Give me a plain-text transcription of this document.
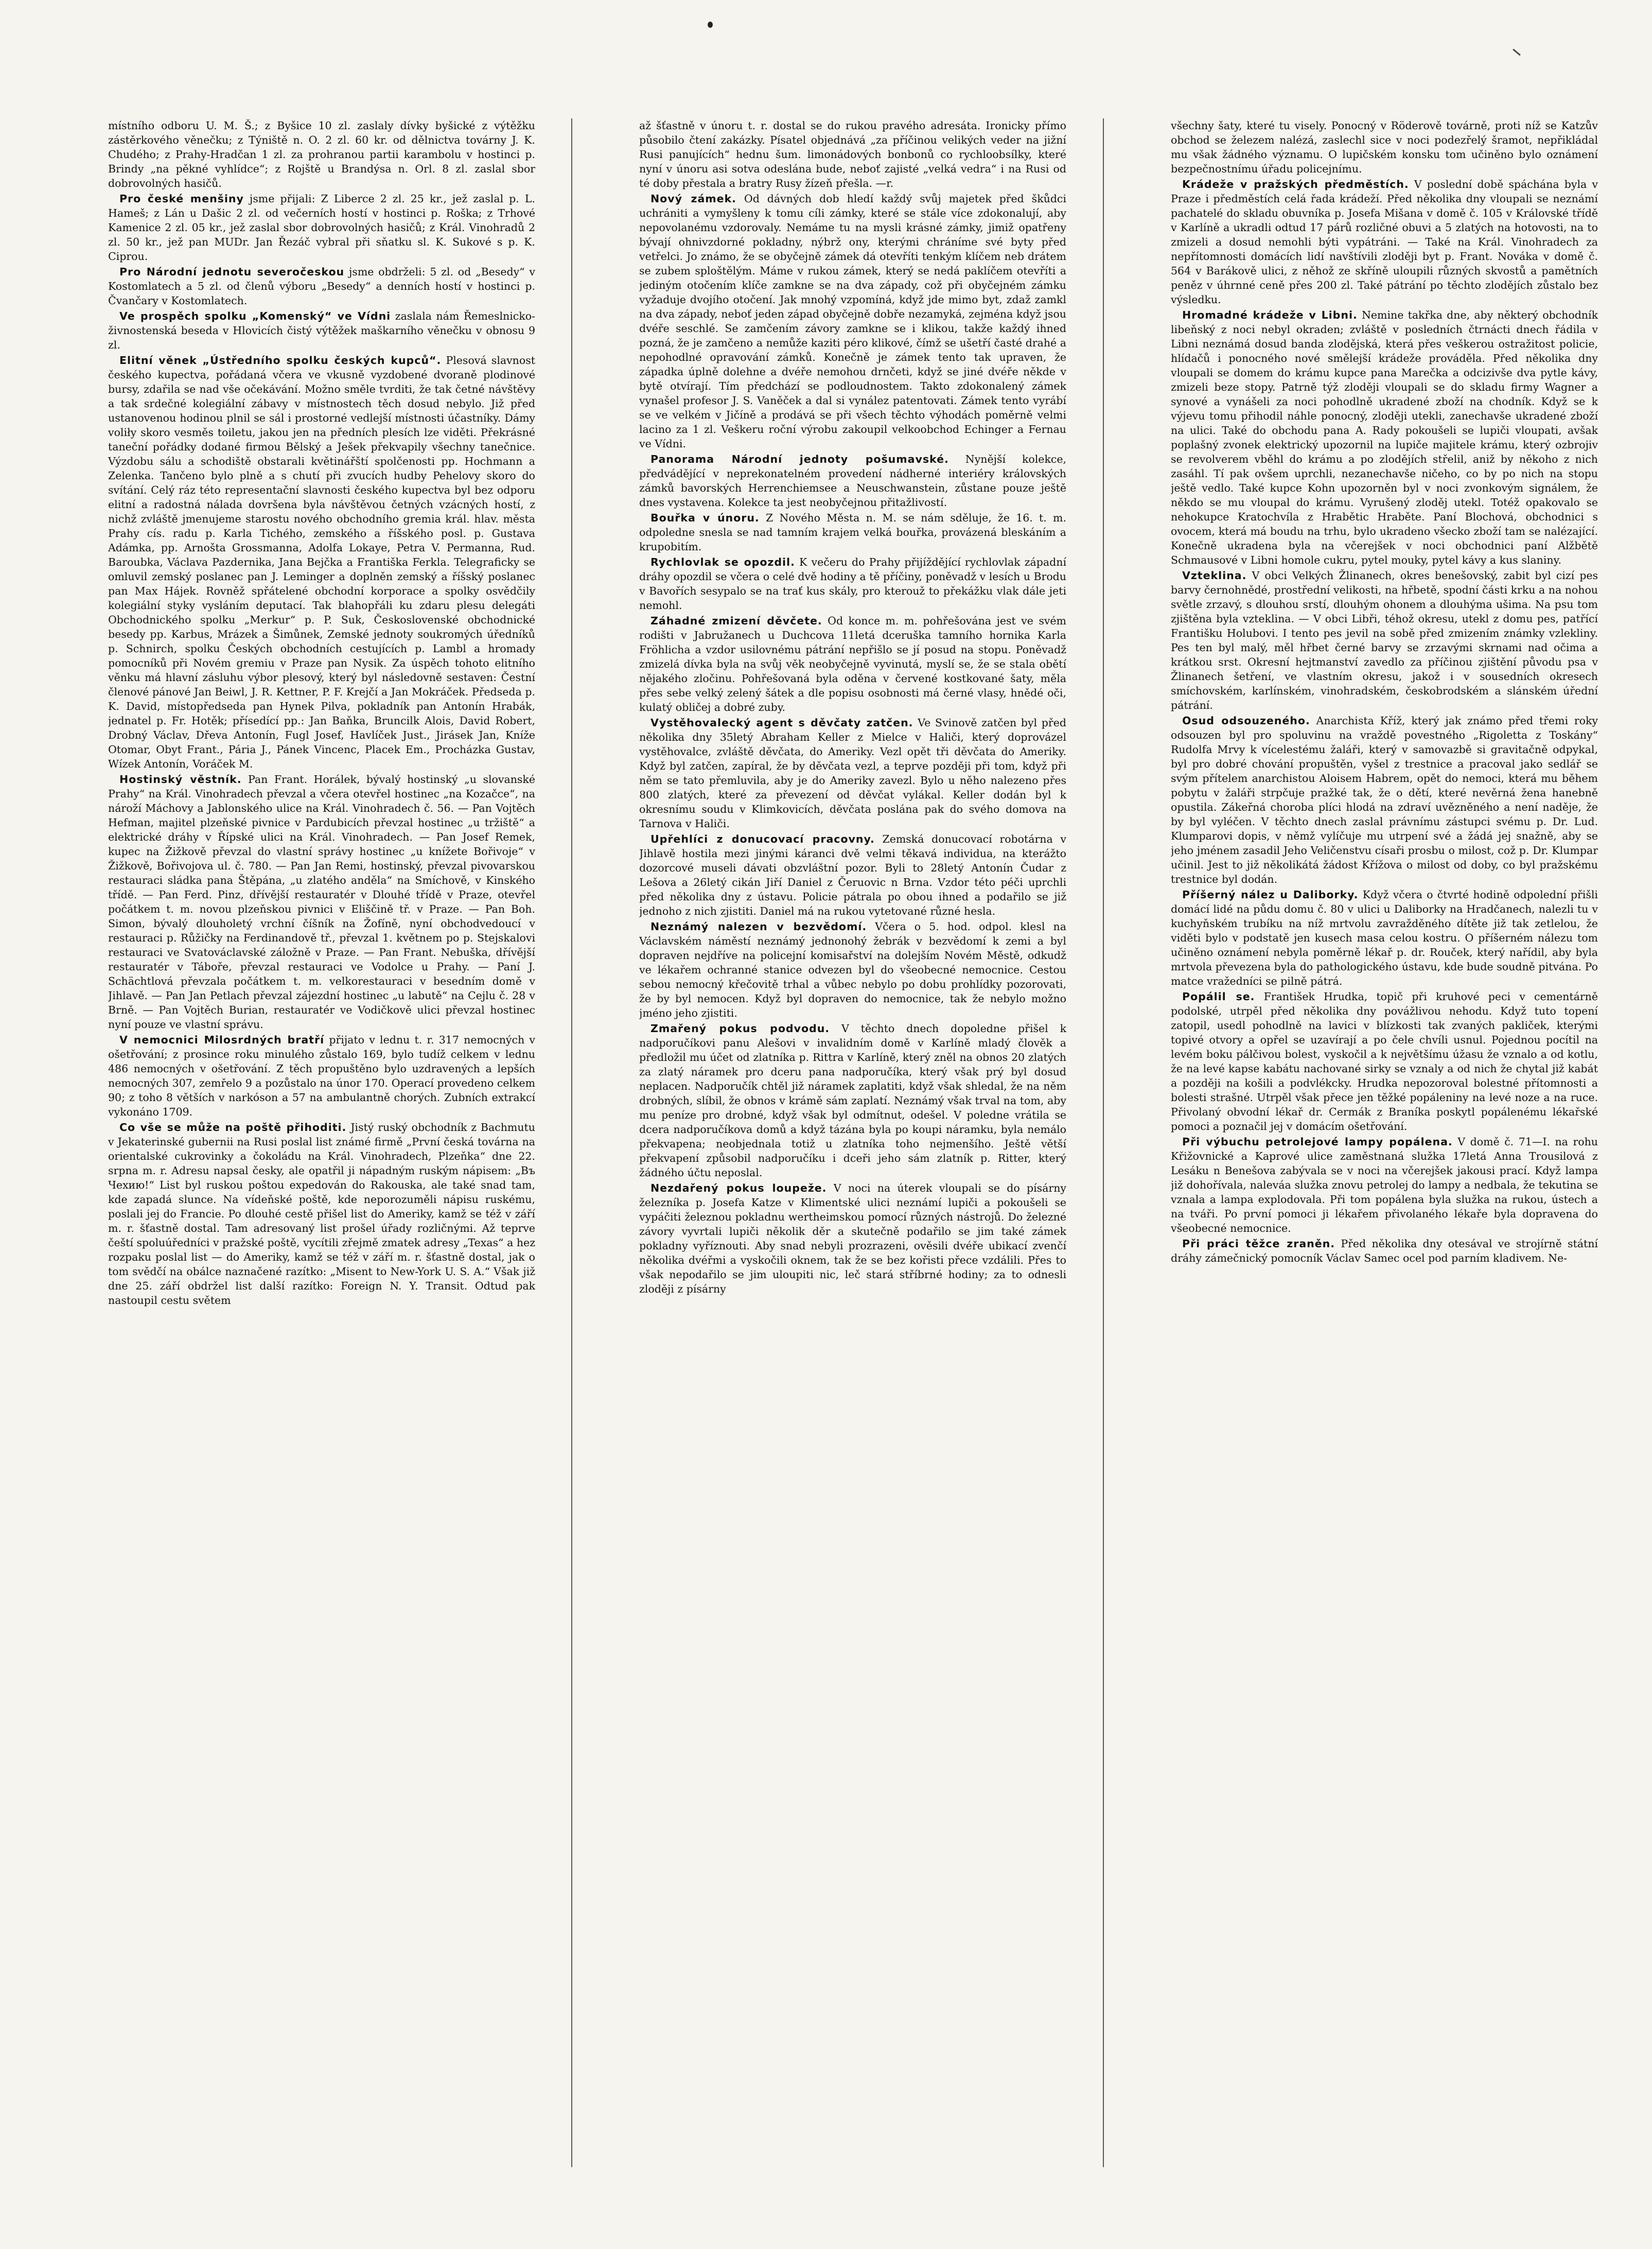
místního odboru U. M. Š.; z Byšice 10 zl. zaslaly dívky byšické z výtěžku zástěrkového věnečku; z Týniště n. O. 2 zl. 60 kr. od dělnictva továrny J. K. Chudého; z Prahy-Hradčan 1 zl. za prohranou partii karambolu v hostinci p. Brindy „na pěkné vyhlídce“; z Rojště u Brandýsa n. Orl. 8 zl. zaslal sbor dobrovolných hasičů.

Pro české menšiny jsme přijali: Z Liberce 2 zl. 25 kr., jež zaslal p. L. Hameš; z Lán u Dašic 2 zl. od večerních hostí v hostinci p. Roška; z Trhové Kamenice 2 zl. 05 kr., jež zaslal sbor dobrovolných hasičů; z Král. Vinohradů 2 zl. 50 kr., jež pan MUDr. Jan Řezáč vybral při sňatku sl. K. Sukové s p. K. Ciprou.

Pro Národní jednotu severočeskou jsme obdrželi: 5 zl. od „Besedy“ v Kostomlatech a 5 zl. od členů výboru „Besedy“ a denních hostí v hostinci p. Čvančary v Kostomlatech.

Ve prospěch spolku „Komenský“ ve Vídni zaslala nám Řemeslnicko-živnostenská beseda v Hlovicích čistý výtěžek maškarního věnečku v obnosu 9 zl.

Elitní věnek „Ústředního spolku českých kupců“. Plesová slavnost českého kupectva, pořádaná včera ve vkusně vyzdobené dvoraně plodinové bursy, zdařila se nad vše očekávání. Možno směle tvrditi, že tak četné návštěvy a tak srdečné kolegiální zábavy v místnostech těch dosud nebylo. Již před ustanovenou hodinou plnil se sál i prostorné vedlejší místnosti účastníky. Dámy voliły skoro vesměs toiletu, jakou jen na předních plesích lze viděti. Překrásné taneční pořádky dodané firmou Bělský a Ješek překvapily všechny tanečnice. Výzdobu sálu a schodiště obstarali květinářští spolčenosti pp. Hochmann a Zelenka. Tančeno bylo plně a s chutí při zvucích hudby Pehelovy skoro do svítání. Celý ráz této representační slavnosti českého kupectva byl bez odporu elitní a radostná nálada dovršena byla návštěvou četných vzácných hostí, z nichž zvláště jmenujeme starostu nového obchodního gremia král. hlav. města Prahy cís. radu p. Karla Tichého, zemského a říšského posl. p. Gustava Adámka, pp. Arnošta Grossmanna, Adolfa Lokaye, Petra V. Permanna, Rud. Baroubka, Václava Pazdernika, Jana Bejčka a Františka Ferkla. Telegraficky se omluvil zemský poslanec pan J. Leminger a doplněn zemský a říšský poslanec pan Max Hájek. Rovněž spřátelené obchodní korporace a spolky osvědčily kolegiální styky vysláním deputací. Tak blahopřáli ku zdaru plesu delegáti Obchodnického spolku „Merkur“ p. P. Suk, Československé obchodnické besedy pp. Karbus, Mrázek a Šimůnek, Zemské jednoty soukromých úředníků p. Schnirch, spolku Českých obchodních cestujících p. Lambl a hromady pomocníků při Novém gremiu v Praze pan Nysik. Za úspěch tohoto elitního věnku má hlavní zásluhu výbor plesový, který byl následovně sestaven: Čestní členové pánové Jan Beiwl, J. R. Kettner, P. F. Krejčí a Jan Mokráček. Předseda p. K. David, místopředseda pan Hynek Pilva, pokladník pan Antonín Hrabák, jednatel p. Fr. Hotěk; přísedící pp.: Jan Baňka, Bruncilk Alois, David Robert, Drobný Václav, Dřeva Antonín, Fugl Josef, Havlíček Just., Jirásek Jan, Kníže Otomar, Obyt Frant., Pária J., Pánek Vincenc, Placek Em., Procházka Gustav, Wízek Antonín, Voráček M.

Hostinský věstník. Pan Frant. Horálek, bývalý hostinský „u slovanské Prahy“ na Král. Vinohradech převzal a včera otevřel hostinec „na Kozačce“, na nároží Máchovy a Jablonského ulice na Král. Vinohradech č. 56. — Pan Vojtěch Hefman, majitel plzeňské pivnice v Pardubicích převzal hostinec „u tržiště“ a elektrické dráhy v Řípské ulici na Král. Vinohradech. — Pan Josef Remek, kupec na Žižkově převzal do vlastní správy hostinec „u knížete Bořivoje“ v Žižkově, Bořivojova ul. č. 780. — Pan Jan Remi, hostinský, převzal pivovarskou restauraci sládka pana Štěpána, „u zlatého anděla“ na Smíchově, v Kinského třídě. — Pan Ferd. Pinz, dřívější restauratér v Dlouhé třídě v Praze, otevřel počátkem t. m. novou plzeňskou pivnici v Eliščině tř. v Praze. — Pan Boh. Simon, bývalý dlouholetý vrchní číšník na Žofíně, nyní obchodvedoucí v restauraci p. Růžičky na Ferdinandově tř., převzal 1. květnem po p. Stejskalovi restauraci ve Svatováclavské záložně v Praze. — Pan Frant. Nebuška, dřívější restauratér v Táboře, převzal restauraci ve Vodolce u Prahy. — Paní J. Schächtlová převzala počátkem t. m. velkorestauraci v besedním domě v Jihlavě. — Pan Jan Petlach převzal zájezdní hostinec „u labutě“ na Cejlu č. 28 v Brně. — Pan Vojtěch Burian, restauratér ve Vodičkově ulici převzal hostinec nyní pouze ve vlastní správu.

V nemocnici Milosrdných bratří přijato v lednu t. r. 317 nemocných v ošetřování; z prosince roku minulého zůstalo 169, bylo tudíž celkem v lednu 486 nemocných v ošetřování. Z těch propuštěno bylo uzdravených a lepších nemocných 307, zemřelo 9 a pozůstalo na únor 170. Operací provedeno celkem 90; z toho 8 větších v narkóson a 57 na ambulantně chorých. Zubních extrakcí vykonáno 1709.

Co vše se může na poště přihoditi. Jistý ruský obchodník z Bachmutu v Jekaterinské gubernii na Rusi poslal list známé firmě „První česká továrna na orientalské cukrovinky a čokoládu na Král. Vinohradech, Plzeňka“ dne 22. srpna m. r. Adresu napsal česky, ale opatřil ji nápadným ruským nápisem: „Въ Чехию!“ List byl ruskou poštou expedován do Rakouska, ale také snad tam, kde zapadá slunce. Na vídeňské poště, kde neporozuměli nápisu ruskému, poslali jej do Francie. Po dlouhé cestě přišel list do Ameriky, kamž se též v září m. r. šťastně dostal. Tam adresovaný list prošel úřady rozličnými. Až teprve čeští spoluúředníci v pražské poště, vycítili zřejmě zmatek adresy „Texas“ a hez rozpaku poslal list — do Ameriky, kamž se též v září m. r. šťastně dostal, jak o tom svědčí na obálce naznačené razítko: „Misent to New-York U. S. A.“ Však již dne 25. září obdržel list další razítko: Foreign N. Y. Transit. Odtud pak nastoupil cestu světem

až šťastně v únoru t. r. dostal se do rukou pravého adresáta. Ironicky přímo působilo čtení zakázky. Písatel objednává „za příčinou velikých veder na jižní Rusi panujících“ hednu šum. limonádových bonbonů co rychloobsílky, které nyní v únoru asi sotva odeslána bude, neboť zajisté „velká vedra“ i na Rusi od té doby přestala a bratry Rusy žízeň přešla. —r.

Nový zámek. Od dávných dob hledí každý svůj majetek před škůdci uchrániti a vymyšleny k tomu cíli zámky, které se stále více zdokonalují, aby nepovolanému vzdorovaly. Nemáme tu na mysli krásné zámky, jimiž opatřeny bývají ohnivzdorné pokladny, nýbrž ony, kterými chráníme své byty před vetřelci. Jo známo, že se obyčejně zámek dá otevříti tenkým klíčem neb drátem se zubem sploštělým. Máme v rukou zámek, který se nedá paklíčem otevříti a jediným otočením klíče zamkne se na dva západy, což při obyčejném zámku vyžaduje dvojího otočení. Jak mnohý vzpomíná, když jde mimo byt, zdaž zamkl na dva západy, neboť jeden západ obyčejně dobře nezamyká, zejména když jsou dvéře seschlé. Se zamčením závory zamkne se i klikou, takže každý ihned pozná, že je zamčeno a nemůže kaziti péro klikové, čímž se ušetří časté drahé a nepohodlné opravování zámků. Konečně je zámek tento tak upraven, že západka úplně dolehne a dvéře nemohou drnčeti, když se jiné dvéře někde v bytě otvírají. Tím předchází se podloudnostem. Takto zdokonalený zámek vynašel profesor J. S. Vaněček a dal si vynález patentovati. Zámek tento vyrábí se ve velkém v Jičíně a prodává se při všech těchto výhodách poměrně velmi lacino za 1 zl. Veškeru roční výrobu zakoupil velkoobchod Echinger a Fernau ve Vídni.

Panorama Národní jednoty pošumavské. Nynější kolekce, předvádějící v neprekonatelném provedení nádherné interiéry královských zámků bavorských Herrenchiemsee a Neuschwanstein, zůstane pouze ještě dnes vystavena. Kolekce ta jest neobyčejnou přitažlivostí.

Bouřka v únoru. Z Nového Města n. M. se nám sděluje, že 16. t. m. odpoledne snesla se nad tamním krajem velká bouřka, provázená bleskáním a krupobitím.

Rychlovlak se opozdil. K večeru do Prahy přijíždějící rychlovlak západní dráhy opozdil se včera o celé dvě hodiny a tě příčiny, poněvadž v lesích u Brodu v Bavořích sesypalo se na trať kus skály, pro kterouž to překážku vlak dále jeti nemohl.

Záhadné zmizení děvčete. Od konce m. m. pohřešována jest ve svém rodišti v Jabružanech u Duchcova 11letá dceruška tamního hornika Karla Fröhlicha a vzdor usilovnému pátrání nepřišlo se jí posud na stopu. Poněvadž zmizelá dívka byla na svůj věk neobyčejně vyvinutá, myslí se, že se stala obětí nějakého zločinu. Pohřešovaná byla oděna v červené kostkované šaty, měla přes sebe velký zelený šátek a dle popisu osobnosti má černé vlasy, hnědé oči, kulatý obličej a dobré zuby.

Vystěhovalecký agent s děvčaty zatčen. Ve Svinově zatčen byl před několika dny 35letý Abraham Keller z Mielce v Haliči, který doprovázel vystěhovalce, zvláště děvčata, do Ameriky. Vezl opět tři děvčata do Ameriky. Když byl zatčen, zapíral, že by děvčata vezl, a teprve později při tom, když při něm se tato přemluvila, aby je do Ameriky zavezl. Bylo u něho nalezeno přes 800 zlatých, které za převezení od děvčat vylákal. Keller dodán byl k okresnímu soudu v Klimkovicích, děvčata poslána pak do svého domova na Tarnova v Haliči.

Upřehlíci z donucovací pracovny. Zemská donucovací robotárna v Jihlavě hostila mezi jinými káranci dvě velmi těkavá individua, na kterážto dozorcové museli dávati obzvláštní pozor. Byli to 28letý Antonín Čudar z Lešova a 26letý cikán Jiří Daniel z Čeruovic n Brna. Vzdor této péči uprchli před několika dny z ústavu. Policie pátrala po obou ihned a podařilo se již jednoho z nich zjistiti. Daniel má na rukou vytetované různé hesla.

Neznámý nalezen v bezvědomí. Včera o 5. hod. odpol. klesl na Václavském náměstí neznámý jednonohý žebrák v bezvědomí k zemi a byl dopraven nejdříve na policejní komisařství na dolejším Novém Městě, odkudž ve lékařem ochranné stanice odvezen byl do všeobecné nemocnice. Cestou sebou nemocný křečovitě trhal a vůbec nebylo po dobu prohlídky pozorovati, že by byl nemocen. Když byl dopraven do nemocnice, tak že nebylo možno jméno jeho zjistiti.

Zmařený pokus podvodu. V těchto dnech dopoledne přišel k nadporučíkovi panu Alešovi v invalidním domě v Karlíně mladý člověk a předložil mu účet od zlatníka p. Rittra v Karlíně, který zněl na obnos 20 zlatých za zlatý náramek pro dceru pana nadporučíka, který však prý byl dosud neplacen. Nadporučík chtěl již náramek zaplatiti, když však shledal, že na něm drobných, slíbil, že obnos v krámě sám zaplatí. Neznámý však trval na tom, aby mu peníze pro drobné, když však byl odmítnut, odešel. V poledne vrátila se dcera nadporučíkova domů a když tázána byla po koupi náramku, byla nemálo překvapena; neobjednala totiž u zlatníka toho nejmenšího. Ještě větší překvapení způsobil nadporučíku i dceři jeho sám zlatník p. Ritter, který žádného účtu neposlal.

Nezdařený pokus loupeže. V noci na úterek vloupali se do písárny železníka p. Josefa Katze v Klimentské ulici neznámí lupiči a pokoušeli se vypáčiti železnou pokladnu wertheimskou pomocí různých nástrojů. Do železné závory vyvrtali lupiči několik děr a skutečně podařilo se jim také zámek pokladny vyříznouti. Aby snad nebyli prozrazeni, ověsili dvéře ubikací zvenčí několika dvéřmi a vyskočili oknem, tak že se bez kořisti přece vzdálili. Přes to však nepodařilo se jim uloupiti nic, leč stará stříbrné hodiny; za to odnesli zloději z písárny

všechny šaty, které tu visely. Ponocný v Röderově továrně, proti níž se Katzův obchod se železem nalézá, zaslechl sice v noci podezřelý šramot, nepřikládal mu však žádného významu. O lupičském konsku tom učiněno bylo oznámení bezpečnostnímu úřadu policejnímu.

Krádeže v pražských předměstích. V poslední době spáchána byla v Praze i předměstích celá řada krádeží. Před několika dny vloupali se neznámí pachatelé do skladu obuvníka p. Josefa Mišana v domě č. 105 v Královské třídě v Karlíně a ukradli odtud 17 párů rozličné obuvi a 5 zlatých na hotovosti, na to zmizeli a dosud nemohli býti vypátráni. — Také na Král. Vinohradech za nepřítomnosti domácích lidí navštívili zloději byt p. Frant. Nováka v domě č. 564 v Barákově ulici, z něhož ze skříně uloupili různých skvostů a pamětních peněz v úhrnné ceně přes 200 zl. Také pátrání po těchto zlodějích zůstalo bez výsledku.

Hromadné krádeže v Libni. Nemine takřka dne, aby některý obchodník libeňský z noci nebyl okraden; zvláště v posledních čtrnácti dnech řádila v Libni neznámá dosud banda zlodějská, která přes veškerou ostražitost policie, hlídačů i ponocného nové smělejší krádeže prováděla. Před několika dny vloupali se domem do krámu kupce pana Marečka a odcizivše dva pytle kávy, zmizeli beze stopy. Patrně týž zloději vloupali se do skladu firmy Wagner a synové a vynášeli za noci pohodlně ukradené zboží na chodník. Když se k výjevu tomu přihodil náhle ponocný, zloději utekli, zanechavše ukradené zboží na ulici. Také do obchodu pana A. Rady pokoušeli se lupiči vloupati, avšak poplašný zvonek elektrický upozornil na lupiče majitele krámu, který ozbrojiv se revolverem vběhl do krámu a po zlodějích střelil, aniž by někoho z nich zasáhl. Tí pak ovšem uprchli, nezanechavše ničeho, co by po nich na stopu ještě vedlo. Také kupce Kohn upozorněn byl v noci zvonkovým signálem, že někdo se mu vloupal do krámu. Vyrušený zloděj utekl. Totéž opakovalo se nehokupce Kratochvíla z Hrabětic Hraběte. Paní Blochová, obchodnici s ovocem, která má boudu na trhu, bylo ukradeno všecko zboží tam se nalézající. Konečně ukradena byla na včerejšek v noci obchodnici paní Alžbětě Schmausové v Libni homole cukru, pytel mouky, pytel kávy a kus slaniny.

Vzteklina. V obci Velkých Žlinanech, okres benešovský, zabit byl cizí pes barvy černohnědé, prostřední velikosti, na hřbetě, spodní části krku a na nohou světle zrzavý, s dlouhou srstí, dlouhým ohonem a dlouhýma ušima. Na psu tom zjištěna byla vzteklina. — V obci Libři, téhož okresu, utekl z domu pes, patřící Františku Holubovi. I tento pes jevil na sobě před zmizením známky vzlekliny. Pes ten byl malý, měl hřbet černé barvy se zrzavými skrnami nad očima a krátkou srst. Okresní hejtmanství zavedlo za příčinou zjištění původu psa v Žlinanech šetření, ve vlastním okresu, jakož i v sousedních okresech smíchovském, karlínském, vinohradském, českobrodském a slánském úřední pátrání.

Osud odsouzeného. Anarchista Kříž, který jak známo před třemi roky odsouzen byl pro spoluvinu na vraždě povestného „Rigoletta z Toskány“ Rudolfa Mrvy k vícelestému žaláři, který v samovazbě si gravitačně odpykal, byl pro dobré chování propuštěn, vyšel z trestnice a pracoval jako sedlář se svým přítelem anarchistou Aloisem Habrem, opět do nemoci, která mu během pobytu v žaláři strpčuje pražké tak, že o dětí, které nevěrná žena hanebně opustila. Zákeřná choroba plíci hlodá na zdraví uvězněného a není naděje, že by byl vyléčen. V těchto dnech zaslal právnímu zástupci svému p. Dr. Lud. Klumparovi dopis, v němž vylíčuje mu utrpení své a žádá jej snažně, aby se jeho jménem zasadil Jeho Veličenstvu císaři prosbu o milost, což p. Dr. Klumpar učinil. Jest to již několikátá žádost Křížova o milost od doby, co byl pražskému trestnice byl dodán.

Příšerný nález u Daliborky. Když včera o čtvrté hodině odpolední přišli domácí lidé na půdu domu č. 80 v ulici u Daliborky na Hradčanech, nalezli tu v kuchyňském trubíku na níž mrtvolu zavražděného dítěte již tak zetlelou, že viděti bylo v podstatě jen kusech masa celou kostru. O příšerném nálezu tom učiněno oznámení nebyla poměrně lékař p. dr. Rouček, který nařídil, aby byla mrtvola převezena byla do pathologického ústavu, kde bude soudně pitvána. Po matce vražedníci se pilně pátrá.

Popálil se. František Hrudka, topič při kruhové peci v cementárně podolské, utrpěl před několika dny povážlivou nehodu. Když tuto topení zatopil, usedl pohodlně na lavici v blízkosti tak zvaných pakliček, kterými topivé otvory a opřel se uzavírají a po čele chvíli usnul. Pojednou pocítil na levém boku pálčivou bolest, vyskočil a k největšímu úžasu že vznalo a od kotlu, že na levé kapse kabátu nachované sirky se vznaly a od nich že chytal již kabát a později na košili a podvlékcky. Hrudka nepozoroval bolestné přítomnosti a bolesti strašné. Utrpěl však přece jen těžké popáleniny na levé noze a na ruce. Přivolaný obvodní lékař dr. Cermák z Braníka poskytl popálenému lékařské pomoci a poznačil jej v domácím ošetřování.

Při výbuchu petrolejové lampy popálena. V domě č. 71—I. na rohu Křižovnické a Kaprové ulice zaměstnaná služka 17letá Anna Trousilová z Lesáku n Benešova zabývala se v noci na včerejšek jakousi prací. Když lampa již dohořívala, naleváa služka znovu petrolej do lampy a nedbala, že tekutina se vznala a lampa explodovala. Při tom popálena byla služka na rukou, ústech a na tváři. Po první pomoci ji lékařem přivolaného lékaře byla dopravena do všeobecné nemocnice.

Při práci těžce zraněn. Před několika dny otesával ve strojírně státní dráhy zámečnický pomocník Václav Samec ocel pod parním kladivem. Ne-
